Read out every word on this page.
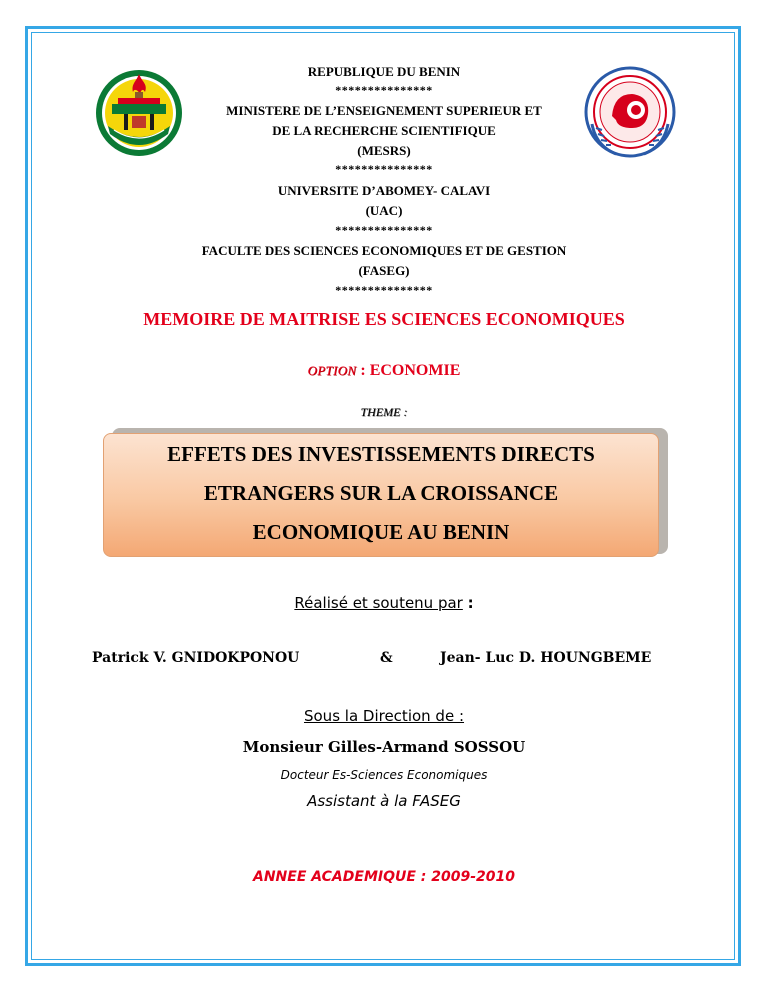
REPUBLIQUE DU BENIN
***************
MINISTERE DE L’ENSEIGNEMENT SUPERIEUR ET
DE LA RECHERCHE SCIENTIFIQUE
(MESRS)
***************
UNIVERSITE D’ABOMEY- CALAVI
(UAC)
***************
FACULTE DES SCIENCES ECONOMIQUES ET DE GESTION
(FASEG)
***************
MEMOIRE DE MAITRISE ES SCIENCES ECONOMIQUES
OPTION : ECONOMIE
THEME :
EFFETS DES INVESTISSEMENTS DIRECTS
ETRANGERS SUR LA CROISSANCE
ECONOMIQUE AU BENIN
Réalisé et soutenu par :
Patrick V. GNIDOKPONOU	&	Jean- Luc D. HOUNGBEME
Sous la Direction de :
Monsieur Gilles-Armand SOSSOU
Docteur Es-Sciences Economiques
Assistant à la FASEG
ANNEE ACADEMIQUE : 2009-2010
